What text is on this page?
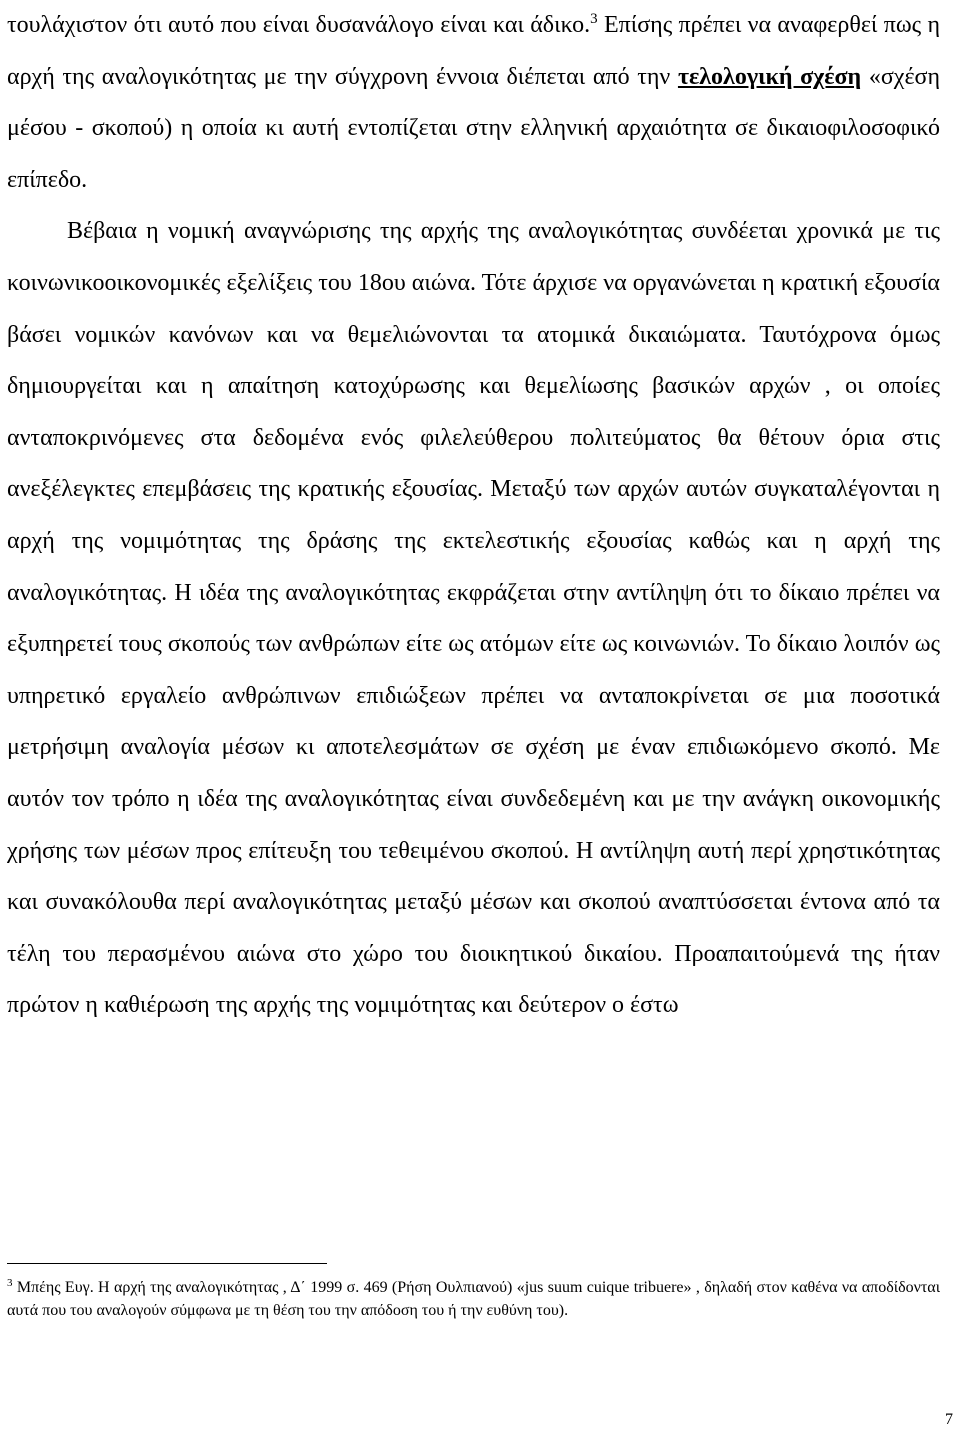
τουλάχιστον ότι αυτό που είναι δυσανάλογο είναι και άδικο.$^3$ Επίσης πρέπει να αναφερθεί πως η αρχή της αναλογικότητας με την σύγχρονη έννοια διέπεται από την τελολογική σχέση «σχέση μέσου - σκοπού) η οποία κι αυτή εντοπίζεται στην ελληνική αρχαιότητα σε δικαιοφιλοσοφικό επίπεδο.

Βέβαια η νομική αναγνώρισης της αρχής της αναλογικότητας συνδέεται χρονικά με τις κοινωνικοοικονομικές εξελίξεις του 18ου αιώνα. Τότε άρχισε να οργανώνεται η κρατική εξουσία βάσει νομικών κανόνων και να θεμελιώνονται τα ατομικά δικαιώματα. Ταυτόχρονα όμως δημιουργείται και η απαίτηση κατοχύρωσης και θεμελίωσης βασικών αρχών , οι οποίες ανταποκρινόμενες στα δεδομένα ενός φιλελεύθερου πολιτεύματος θα θέτουν όρια στις ανεξέλεγκτες επεμβάσεις της κρατικής εξουσίας. Μεταξύ των αρχών αυτών συγκαταλέγονται η αρχή της νομιμότητας της δράσης της εκτελεστικής εξουσίας καθώς και η αρχή της αναλογικότητας. Η ιδέα της αναλογικότητας εκφράζεται στην αντίληψη ότι το δίκαιο πρέπει να εξυπηρετεί τους σκοπούς των ανθρώπων είτε ως ατόμων είτε ως κοινωνιών. Το δίκαιο λοιπόν ως υπηρετικό εργαλείο ανθρώπινων επιδιώξεων πρέπει να ανταποκρίνεται σε μια ποσοτικά μετρήσιμη αναλογία μέσων κι αποτελεσμάτων σε σχέση με έναν επιδιωκόμενο σκοπό. Με αυτόν τον τρόπο η ιδέα της αναλογικότητας είναι συνδεδεμένη και με την ανάγκη οικονομικής χρήσης των μέσων προς επίτευξη του τεθειμένου σκοπού. Η αντίληψη αυτή περί χρηστικότητας και συνακόλουθα περί αναλογικότητας μεταξύ μέσων και σκοπού αναπτύσσεται έντονα από τα τέλη του περασμένου αιώνα στο χώρο του διοικητικού δικαίου. Προαπαιτούμενά της ήταν πρώτον η καθιέρωση της αρχής της νομιμότητας και δεύτερον ο έστω

$^3$ Μπέης Ευγ. Η αρχή της αναλογικότητας , Δ΄ 1999 σ. 469 (Ρήση Ουλπιανού) «jus suum cuique tribuere» , δηλαδή στον καθένα να αποδίδονται αυτά που του αναλογούν σύμφωνα με τη θέση του την απόδοση του ή την ευθύνη του).
7
